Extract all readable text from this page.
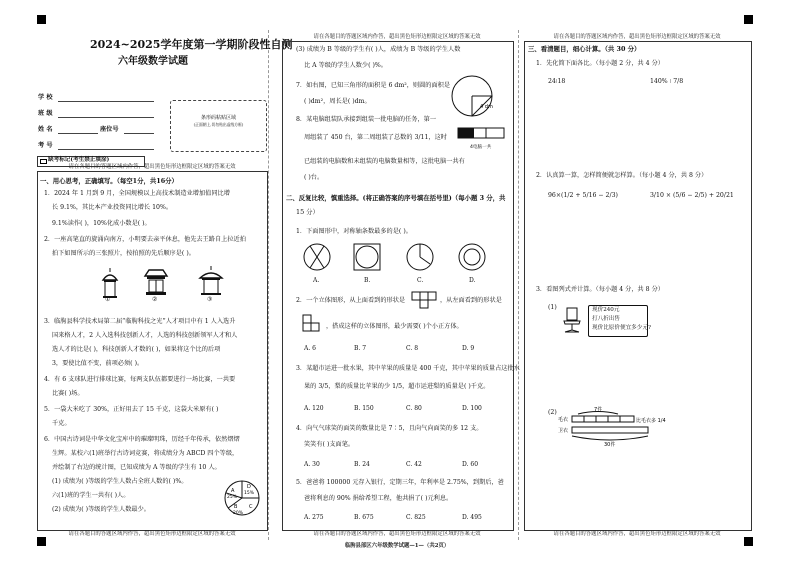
2024~2025学年度第一学期阶段性自测
六年级数学试题
学 校
班 级
姓 名	座位号
考 号
缺考标记(考生禁止填涂)
条形码粘贴区域
(正面朝上,切勿贴出虚线方框)
请在各题目的答题区域内作答，超出黑色矩形边框限定区域的答案无效
请在各题目的答题区域内作答，超出黑色矩形边框限定区域的答案无效
一、用心思考，正确填写。（每空1分，共16分）
1．2024 年 1 月到 9 月，全国规模以上高技术制造业增加值同比增
长 9.1%，其比本产业投资同比增长 10%。
9.1%读作( )，10%化成小数是( )。
2．一座高笔直的旋涌向南方，小明要去亲平休息，他先去王路自上拉近拍
拍下如图所示的三张照片，按拍照的先后顺序是( )。
①	②	③
3．临朐县科学技术局第二届“临朐科技之光”人才项目中有 1 人入选升
国来格人才，2 人入选科技创新人才，人选的科技创新领军人才和人
选人才的比是( )，科技创新人才数的( )，如果将这个比的后项
3，要使比值不变，前项必须( )。
4．有 6 支球队进行排球比赛，每两支队伍都要进行一场比赛，一共要
比赛( )场。
5．一袋大米吃了 30%，正好用去了 15 千克，这袋大米原有( )
千克。
6．中国古诗词是中华文化宝库中的璀璨明珠，历经千年传承，依然熠熠
生辉。某校六(1)班举行古诗词竞赛，将成绩分为 ABCD 四个等级，
并绘制了右边的统计图，已知成绩为 A 等级的学生有 10 人。
(1) 成绩为( )等级的学生人数占全班人数的( )%。
六(1)班的学生一共有( )人。
(2) 成绩为( )等级的学生人数最少。
A
25%
B
20%
C
D
15%
请在各题目的答题区域内作答，超出黑色矩形边框限定区域的答案无效
请在各题目的答题区域内作答，超出黑色矩形边框限定区域的答案无效
临朐县部区六年级数学试题—1—（共2页）
(3) 成绩为 B 等级的学生有( )人，成绩为 B 等级的学生人数
比 A 等级的学生人数少( )%。
7．如右图，已知三角形的面积是 6 dm²，则圆的面积是
( )dm²，周长是( )dm。
4 dm
8．某电脑组装队承接到组装一批电脑的任务，第一
周组装了 450 台，第二周组装了总数的 3/11，这时
4电脑一共
已组装的电脑数和未组装的电脑数量相等，这批电脑一共有
( )台。
二、反复比较，慎重选择。(将正确答案的序号填在括号里)（每小题 3 分，共
15 分）
1．下面图形中，对称轴条数最多的是( )。
A.	B.	C.	D.
2．一个立体图形，从上面看到的形状是	，从左面看到的形状是
，搭成这样的立体图形，最少需要( )个小正方体。
A. 6	B. 7	C. 8	D. 9
3．某超市运进一批水果，其中苹果的质量是 400 千克，其中苹果的质量占这批水
果的 3/5，梨的质量比苹果的少 1/5，超市运进梨的质量是( )千克。
A. 120	B. 150	C. 80	D. 100
4．向气气球笑的面笑的数量比是 7∶5，且向气向面笑的多 12 支。
笑笑有( )支面笔。
A. 30	B. 24	C. 42	D. 60
5．爸爸将 100000 元存入银行，定期三年，年利率是 2.75%，到期后，爸
爸将利息的 90% 捐给希望工程，他共捐了( )元利息。
A. 275	B. 675	C. 825	D. 495
请在各题目的答题区域内作答，超出黑色矩形边框限定区域的答案无效
请在各题目的答题区域内作答，超出黑色矩形边框限定区域的答案无效
三、看清题目，细心计算。（共 30 分）
1．先化简下面各比。（每小题 2 分，共 4 分）
24∶18	140% ∶ 7/8
2．认真算一算，怎样简便就怎样算。（每小题 4 分，共 8 分）
96×(1/2 + 5/16 − 2/3)	3/10 × (5/6 − 2/5) + 20/21
3．看图列式并计算。（每小题 4 分，共 8 分）
(1)	现价240元
打八折出售
现价比原价便宜多少元?
(2)	7件
毛衣	比毛衣多 1/4
卫衣
30件
